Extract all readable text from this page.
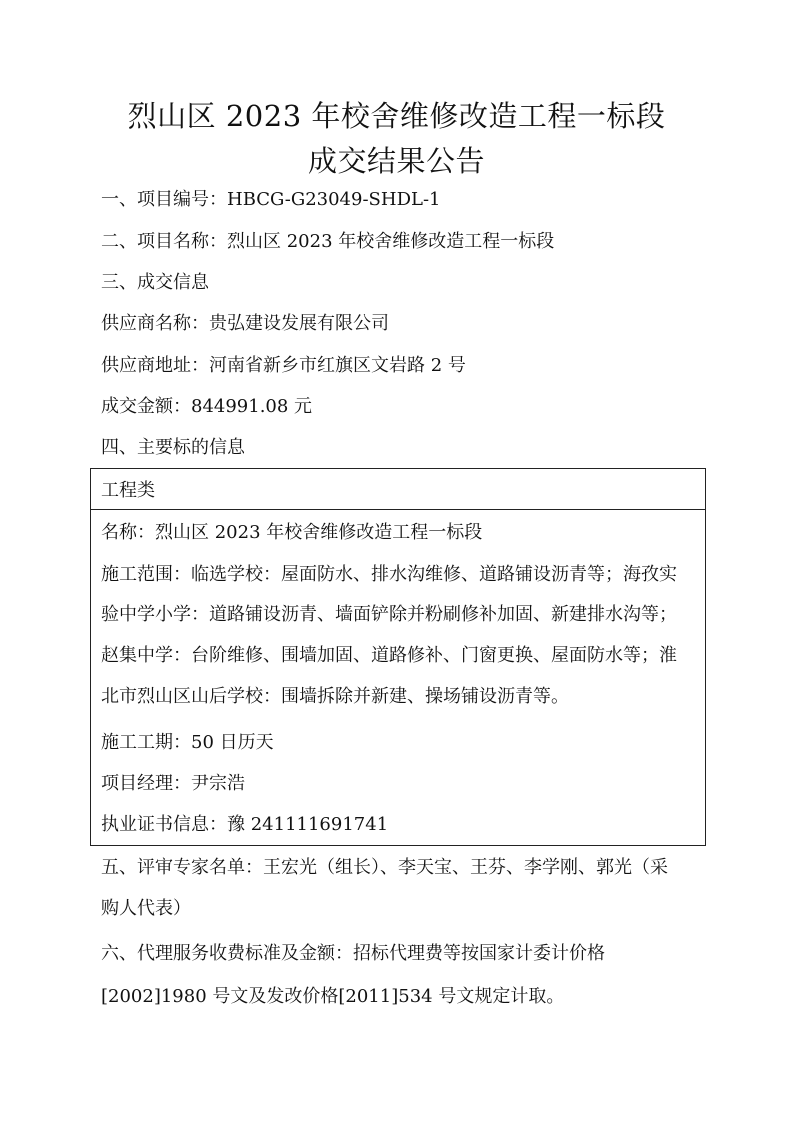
烈山区 2023 年校舍维修改造工程一标段
成交结果公告
一、项目编号：HBCG-G23049-SHDL-1
二、项目名称：烈山区 2023 年校舍维修改造工程一标段
三、成交信息
供应商名称：贵弘建设发展有限公司
供应商地址：河南省新乡市红旗区文岩路 2 号
成交金额：844991.08 元
四、主要标的信息
工程类
名称：烈山区 2023 年校舍维修改造工程一标段
施工范围：临选学校：屋面防水、排水沟维修、道路铺设沥青等；海孜实
验中学小学：道路铺设沥青、墙面铲除并粉刷修补加固、新建排水沟等；
赵集中学：台阶维修、围墙加固、道路修补、门窗更换、屋面防水等；淮
北市烈山区山后学校：围墙拆除并新建、操场铺设沥青等。
施工工期：50 日历天
项目经理：尹宗浩
执业证书信息：豫 241111691741
五、评审专家名单：王宏光（组长）、李天宝、王芬、李学刚、郭光（采
购人代表）
六、代理服务收费标准及金额：招标代理费等按国家计委计价格
[2002]1980 号文及发改价格[2011]534 号文规定计取。
